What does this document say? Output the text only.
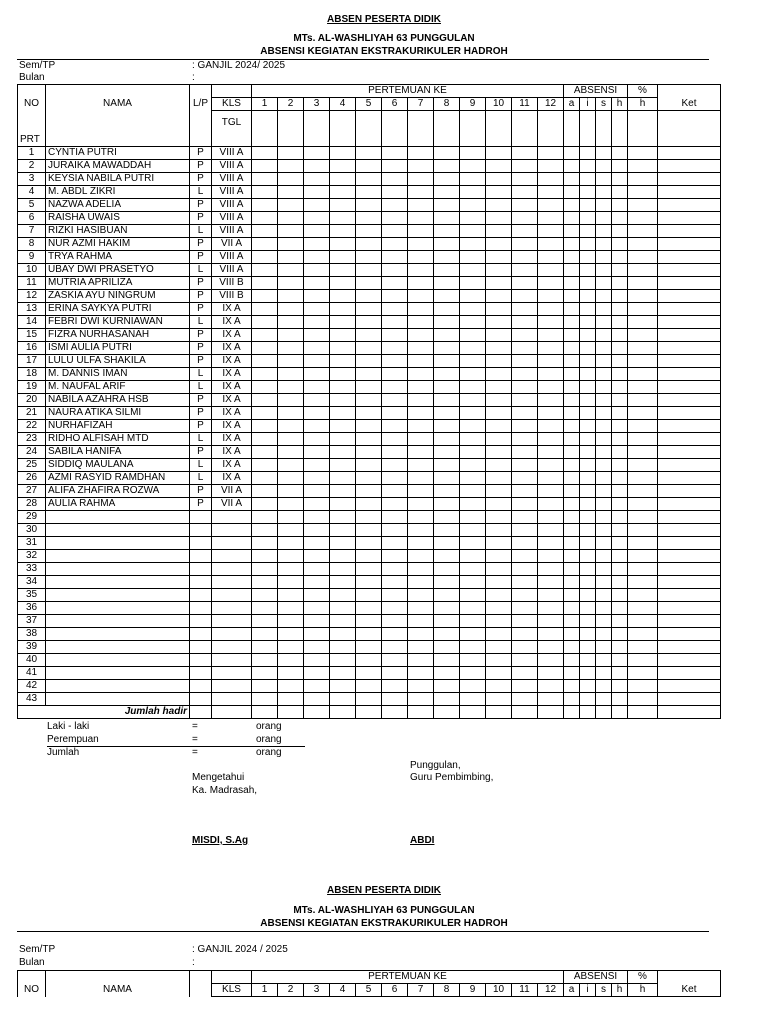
ABSEN PESERTA DIDIK
MTs. AL-WASHLIYAH 63 PUNGGULAN
ABSENSI KEGIATAN EKSTRAKURIKULER HADROH
Sem/TP	: GANJIL 2024/ 2025
Bulan	:
				PERTEMUAN KE												ABSENSI				%	
NO	NAMA	L/P	KLS	1	2	3	4	5	6	7	8	9	10	11	12	a	i	s	h	h	Ket
PRT			TGL																		
1	CYNTIA PUTRI	P	VIII A																		
2	JURAIKA MAWADDAH	P	VIII A																		
3	KEYSIA NABILA PUTRI	P	VIII A																		
4	M. ABDL ZIKRI	L	VIII A																		
5	NAZWA ADELIA	P	VIII A																		
6	RAISHA UWAIS	P	VIII A																		
7	RIZKI HASIBUAN	L	VIII A																		
8	NUR AZMI HAKIM	P	VII A																		
9	TRYA RAHMA	P	VIII A																		
10	UBAY DWI PRASETYO	L	VIII A																		
11	MUTRIA APRILIZA	P	VIII B																		
12	ZASKIA AYU NINGRUM	P	VIII B																		
13	ERINA SAYKYA PUTRI	P	IX A																		
14	FEBRI DWI KURNIAWAN	L	IX A																		
15	FIZRA NURHASANAH	P	IX A																		
16	ISMI AULIA PUTRI	P	IX A																		
17	LULU ULFA SHAKILA	P	IX A																		
18	M. DANNIS IMAN	L	IX A																		
19	M. NAUFAL ARIF	L	IX A																		
20	NABILA AZAHRA HSB	P	IX A																		
21	NAURA ATIKA SILMI	P	IX A																		
22	NURHAFIZAH	P	IX A																		
23	RIDHO ALFISAH MTD	L	IX A																		
24	SABILA HANIFA	P	IX A																		
25	SIDDIQ MAULANA	L	IX A																		
26	AZMI RASYID RAMDHAN	L	IX A																		
27	ALIFA ZHAFIRA ROZWA	P	VII A																		
28	AULIA RAHMA	P	VII A																		
29																					
30																					
31																					
32																					
33																					
34																					
35																					
36																					
37																					
38																					
39																					
40																					
41																					
42																					
43																					
	Jumlah hadir																				
Laki - laki	=	orang
Perempuan	=	orang
Jumlah	=	orang
Punggulan,
Mengetahui	Guru Pembimbing,
Ka. Madrasah,
MISDI, S.Ag	ABDI
ABSEN PESERTA DIDIK
MTs. AL-WASHLIYAH 63 PUNGGULAN
ABSENSI KEGIATAN EKSTRAKURIKULER HADROH
Sem/TP	: GANJIL 2024 / 2025
Bulan	:
				PERTEMUAN KE												ABSENSI				%	
NO	NAMA		KLS	1	2	3	4	5	6	7	8	9	10	11	12	a	i	s	h	h	Ket
